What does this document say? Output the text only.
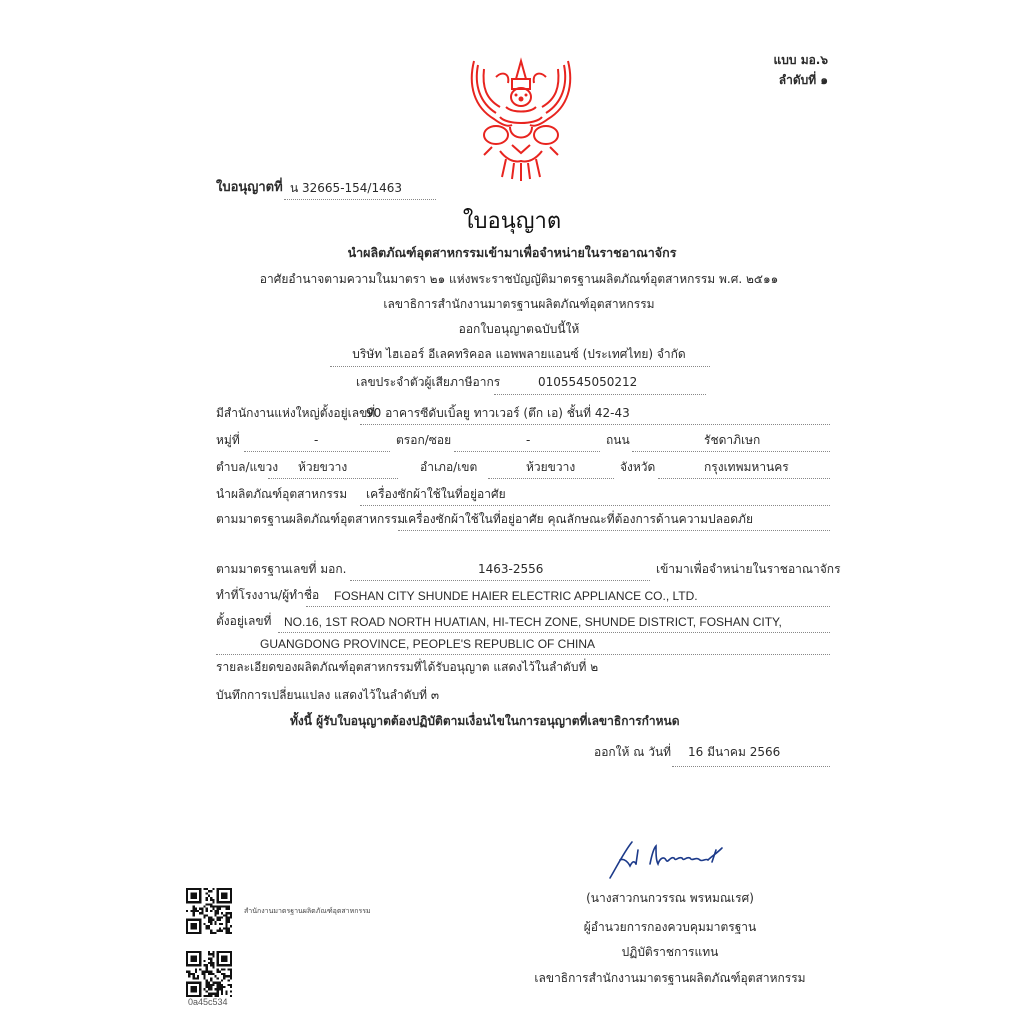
แบบ มอ.๖
ลำดับที่ ๑
ใบอนุญาตที่ น 32665-154/1463
ใบอนุญาต
นำผลิตภัณฑ์อุตสาหกรรมเข้ามาเพื่อจำหน่ายในราชอาณาจักร
อาศัยอำนาจตามความในมาตรา ๒๑ แห่งพระราชบัญญัติมาตรฐานผลิตภัณฑ์อุตสาหกรรม พ.ศ. ๒๕๑๑
เลขาธิการสำนักงานมาตรฐานผลิตภัณฑ์อุตสาหกรรม
ออกใบอนุญาตฉบับนี้ให้
บริษัท ไฮเออร์ อีเลคทริคอล แอพพลายแอนซ์ (ประเทศไทย) จำกัด
เลขประจำตัวผู้เสียภาษีอากร	0105545050212
มีสำนักงานแห่งใหญ่ตั้งอยู่เลขที่
90 อาคารซีดับเบิ้ลยู ทาวเวอร์ (ตึก เอ) ชั้นที่ 42-43
หมู่ที่	-	ตรอก/ซอย	-	ถนน	รัชดาภิเษก
ตำบล/แขวง ห้วยขวาง	อำเภอ/เขต	ห้วยขวาง	จังหวัด	กรุงเทพมหานคร
นำผลิตภัณฑ์อุตสาหกรรม เครื่องซักผ้าใช้ในที่อยู่อาศัย
ตามมาตรฐานผลิตภัณฑ์อุตสาหกรรม
เครื่องซักผ้าใช้ในที่อยู่อาศัย คุณลักษณะที่ต้องการด้านความปลอดภัย
ตามมาตรฐานเลขที่ มอก.	1463-2556	เข้ามาเพื่อจำหน่ายในราชอาณาจักร
ทำที่โรงงาน/ผู้ทำชื่อ FOSHAN CITY SHUNDE HAIER ELECTRIC APPLIANCE CO., LTD.
ตั้งอยู่เลขที่ NO.16, 1ST ROAD NORTH HUATIAN, HI-TECH ZONE, SHUNDE DISTRICT, FOSHAN CITY,
GUANGDONG PROVINCE, PEOPLE'S REPUBLIC OF CHINA
รายละเอียดของผลิตภัณฑ์อุตสาหกรรมที่ได้รับอนุญาต แสดงไว้ในลำดับที่ ๒
บันทึกการเปลี่ยนแปลง แสดงไว้ในลำดับที่ ๓
ทั้งนี้ ผู้รับใบอนุญาตต้องปฏิบัติตามเงื่อนไขในการอนุญาตที่เลขาธิการกำหนด
ออกให้ ณ วันที่ 16 มีนาคม 2566
(นางสาวกนกวรรณ พรหมณเรศ)
ผู้อำนวยการกองควบคุมมาตรฐาน
ปฏิบัติราชการแทน
เลขาธิการสำนักงานมาตรฐานผลิตภัณฑ์อุตสาหกรรม
สำนักงานมาตรฐานผลิตภัณฑ์อุตสาหกรรม
0a45c534
